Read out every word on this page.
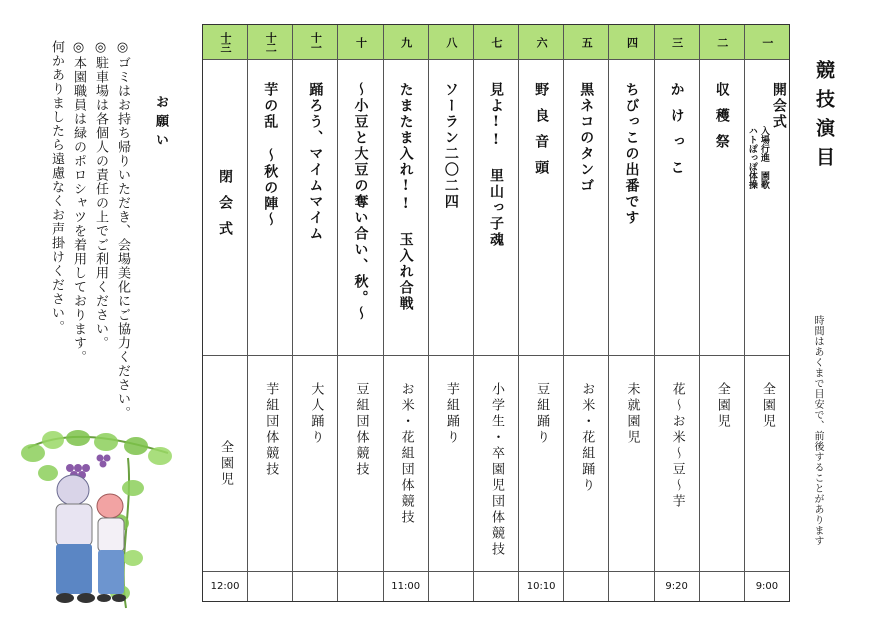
競技演目
時間はあくまで目安で、前後することがあります
一
開会式
入場行進　園歌
ハトぽっぽ体操
全園児
9:00
二
収穫祭
全園児
三
かけっこ
花～お米～豆～芋
9:20
四
ちびっこの出番です
未就園児
五
黒ネコのタンゴ
お米・花組踊り
六
野良音頭
豆組踊り
10:10
七
見よ!! 里山っ子魂
小学生・卒園児団体競技
八
ソーラン二〇二四
芋組踊り
九
たまたま入れ!! 玉入れ合戦
お米・花組団体競技
11:00
十
～小豆と大豆の奪い合い、秋。～
豆組団体競技
十一
踊ろう、マイムマイム
大人踊り
十二
芋の乱 ～秋の陣～
芋組団体競技
十三
閉会式
全園児
12:00
お願い
◎ゴミはお持ち帰りいただき、会場美化にご協力ください。
◎駐車場は各個人の責任の上でご利用ください。
◎本園職員は緑のポロシャツを着用しております。
何かありましたら遠慮なくお声掛けください。
